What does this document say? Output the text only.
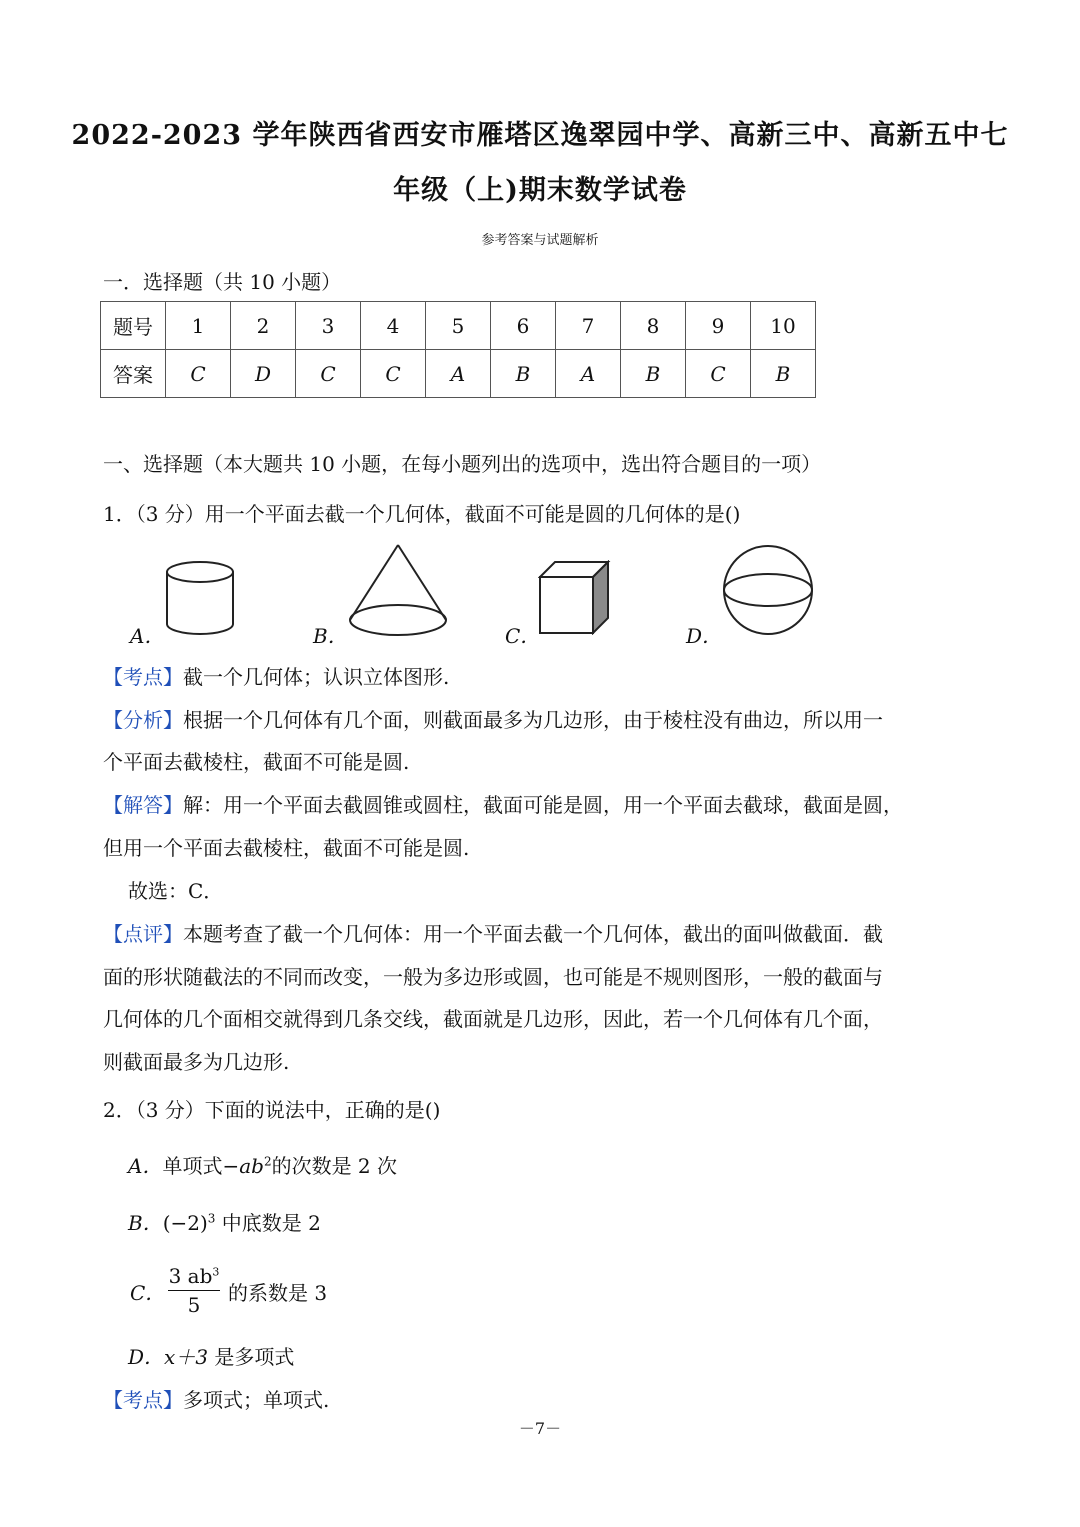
2022-2023 学年陕西省西安市雁塔区逸翠园中学、高新三中、高新五中七
年级（上)期末数学试卷
参考答案与试题解析
一．选择题（共 10 小题）
题号	1	2	3	4	5	6	7	8	9	10
答案	C	D	C	C	A	B	A	B	C	B
一、选择题（本大题共 10 小题，在每小题列出的选项中，选出符合题目的一项）
1．（3 分）用一个平面去截一个几何体，截面不可能是圆的几何体的是()
A．	B．	C．	D．
【考点】截一个几何体；认识立体图形.
【分析】根据一个几何体有几个面，则截面最多为几边形，由于棱柱没有曲边，所以用一
个平面去截棱柱，截面不可能是圆.
【解答】解：用一个平面去截圆锥或圆柱，截面可能是圆，用一个平面去截球，截面是圆，
但用一个平面去截棱柱，截面不可能是圆.
故选：C．
【点评】本题考查了截一个几何体：用一个平面去截一个几何体，截出的面叫做截面．截
面的形状随截法的不同而改变，一般为多边形或圆，也可能是不规则图形，一般的截面与
几何体的几个面相交就得到几条交线，截面就是几边形，因此，若一个几何体有几个面，
则截面最多为几边形.
2．（3 分）下面的说法中，正确的是()
A．单项式$-ab^2$的次数是 2 次
B．$(-2)^3$ 中底数是 2
C． $\frac{3 ab^3}{5}$ 的系数是 3
D．x＋3 是多项式
【考点】多项式；单项式.
－7－
